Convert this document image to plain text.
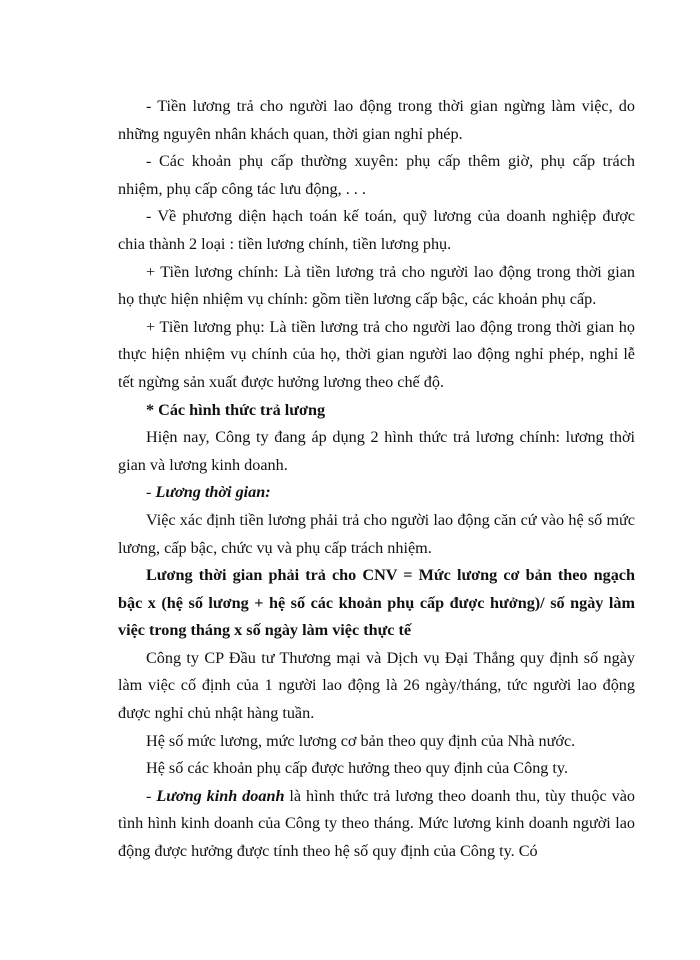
- Tiền lương trả cho người lao động trong thời gian ngừng làm việc, do những nguyên nhân khách quan, thời gian nghỉ phép.

- Các khoản phụ cấp thường xuyên: phụ cấp thêm giờ, phụ cấp trách nhiệm, phụ cấp công tác lưu động, . . .

- Về phương diện hạch toán kế toán, quỹ lương của doanh nghiệp được chia thành 2 loại : tiền lương chính, tiền lương phụ.

+ Tiền lương chính: Là tiền lương trả cho người lao động trong thời gian họ thực hiện nhiệm vụ chính: gồm tiền lương cấp bậc, các khoản phụ cấp.

+ Tiền lương phụ: Là tiền lương trả cho người lao động trong thời gian họ thực hiện nhiệm vụ chính của họ, thời gian người lao động nghỉ phép, nghỉ lễ tết ngừng sản xuất được hưởng lương theo chế độ.

* Các hình thức trả lương

Hiện nay, Công ty đang áp dụng 2 hình thức trả lương chính: lương thời gian và lương kinh doanh.

- Lương thời gian:

Việc xác định tiền lương phải trả cho người lao động căn cứ vào hệ số mức lương, cấp bậc, chức vụ và phụ cấp trách nhiệm.

Lương thời gian phải trả cho CNV = Mức lương cơ bản theo ngạch bậc x (hệ số lương + hệ số các khoản phụ cấp được hưởng)/ số ngày làm việc trong tháng x số ngày làm việc thực tế

Công ty CP Đầu tư Thương mại và Dịch vụ Đại Thắng quy định số ngày làm việc cố định của 1 người lao động là 26 ngày/tháng, tức người lao động được nghỉ chủ nhật hàng tuần.

Hệ số mức lương, mức lương cơ bản theo quy định của Nhà nước.

Hệ số các khoản phụ cấp được hưởng theo quy định của Công ty.

- Lương kinh doanh là hình thức trả lương theo doanh thu, tùy thuộc vào tình hình kinh doanh của Công ty theo tháng. Mức lương kinh doanh người lao động được hưởng được tính theo hệ số quy định của Công ty. Có
